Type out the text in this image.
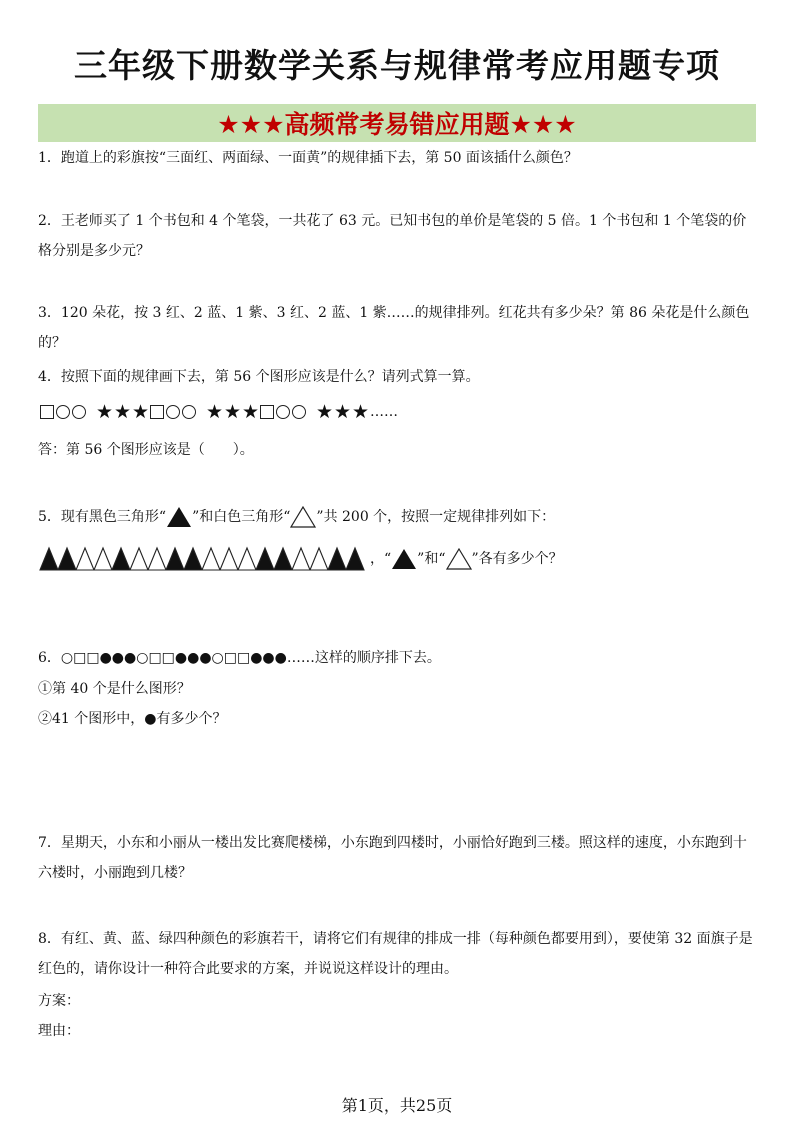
三年级下册数学关系与规律常考应用题专项
★★★高频常考易错应用题★★★
1．跑道上的彩旗按“三面红、两面绿、一面黄”的规律插下去，第 50 面该插什么颜色？
2．王老师买了 1 个书包和 4 个笔袋，一共花了 63 元。已知书包的单价是笔袋的 5 倍。1 个书包和 1 个笔袋的价格分别是多少元？
3．120 朵花，按 3 红、2 蓝、1 紫、3 红、2 蓝、1 紫……的规律排列。红花共有多少朵？第 86 朵花是什么颜色的？
4．按照下面的规律画下去，第 56 个图形应该是什么？请列式算一算。
★ ★ ★	★ ★ ★	★ ★ ★ ……
答：第 56 个图形应该是（　　）。
5．现有黑色三角形“ ”和白色三角形“ ”共 200 个，按照一定规律排列如下：
，“ ”和“ ”各有多少个？
6．○□□●●●○□□●●●○□□●●●……这样的顺序排下去。
①第 40 个是什么图形？
②41 个图形中，●有多少个？
7．星期天，小东和小丽从一楼出发比赛爬楼梯，小东跑到四楼时，小丽恰好跑到三楼。照这样的速度，小东跑到十六楼时，小丽跑到几楼？
8．有红、黄、蓝、绿四种颜色的彩旗若干，请将它们有规律的排成一排（每种颜色都要用到），要使第 32 面旗子是红色的，请你设计一种符合此要求的方案，并说说这样设计的理由。
方案：
理由：
第1页，共25页
